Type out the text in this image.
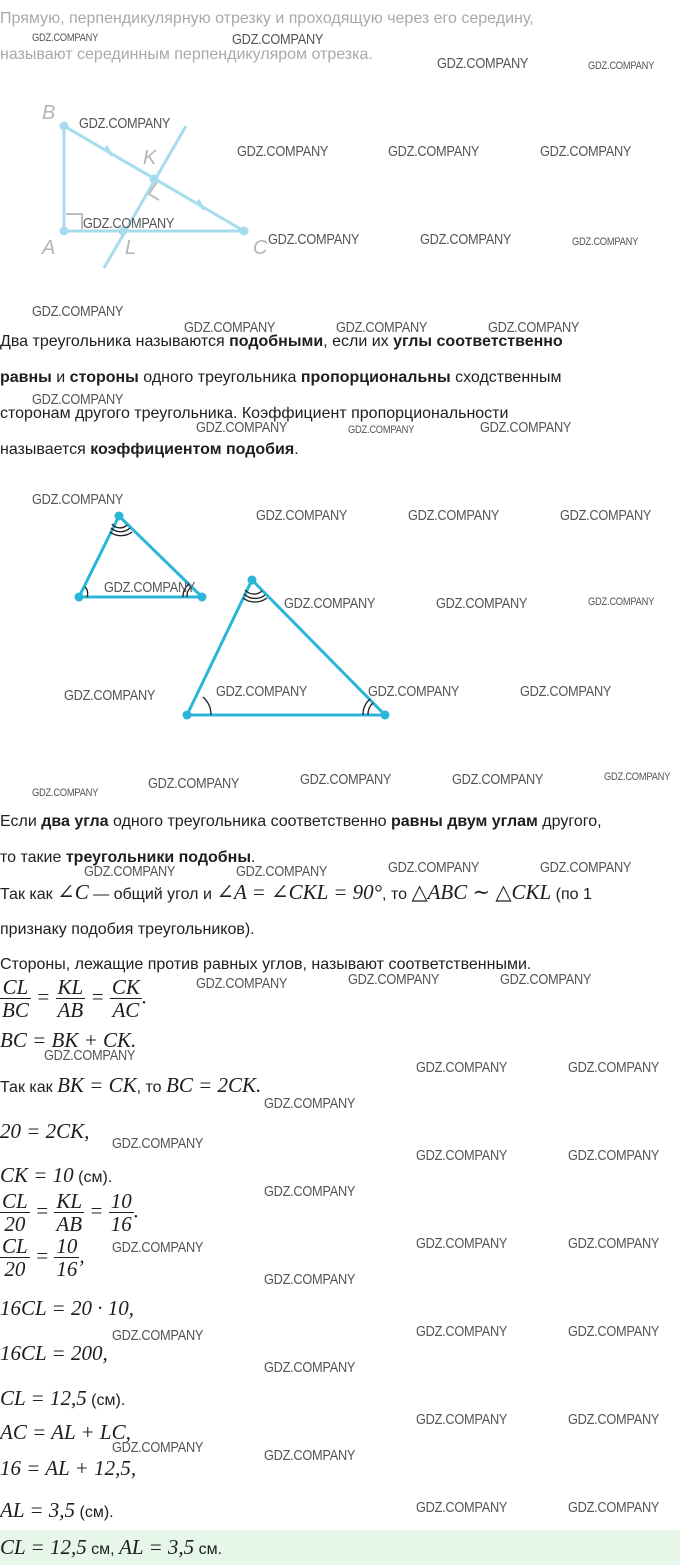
Прямую, перпендикулярную отрезку и проходящую через его середину,
называют серединным перпендикуляром отрезка.
B
K
A	L	C
Два треугольника называются подобными, если их углы соответственно
равны и стороны одного треугольника пропорциональны сходственным
сторонам другого треугольника. Коэффициент пропорциональности
называется коэффициентом подобия.
Если два угла одного треугольника соответственно равны двум углам другого,
то такие треугольники подобны.
Так как ∠C — общий угол и ∠A = ∠CKL = 90°, то △ABC ∼ △CKL (по 1
признаку подобия треугольников).
Стороны, лежащие против равных углов, называют соответственными.
$\frac{CL}{BC} = \frac{KL}{AB} = \frac{CK}{AC}$ .
BC = BK + CK.
Так как BK = CK, то BC = 2CK.
20 = 2CK,
CK = 10 (см).
$\frac{CL}{20} = \frac{KL}{AB} = \frac{10}{16}$ .
$\frac{CL}{20} = \frac{10}{16}$ ,
16CL = 20 · 10,
16CL = 200,
CL = 12,5 (см).
AC = AL + LC,
16 = AL + 12,5,
AL = 3,5 (см).
CL = 12,5 см, AL = 3,5 см.
GDZ.COMPANY	GDZ.COMPANY
GDZ.COMPANY	GDZ.COMPANY
GDZ.COMPANY
GDZ.COMPANY	GDZ.COMPANY	GDZ.COMPANY
GDZ.COMPANY
GDZ.COMPANY	GDZ.COMPANY	GDZ.COMPANY
GDZ.COMPANY
GDZ.COMPANY	GDZ.COMPANY	GDZ.COMPANY
GDZ.COMPANY
GDZ.COMPANY	GDZ.COMPANY	GDZ.COMPANY
GDZ.COMPANY
GDZ.COMPANY	GDZ.COMPANY	GDZ.COMPANY
GDZ.COMPANY
GDZ.COMPANY	GDZ.COMPANY	GDZ.COMPANY
GDZ.COMPANY	GDZ.COMPANY	GDZ.COMPANY	GDZ.COMPANY
GDZ.COMPANY
GDZ.COMPANY	GDZ.COMPANY	GDZ.COMPANY	GDZ.COMPANY
GDZ.COMPANY	GDZ.COMPANY	GDZ.COMPANY	GDZ.COMPANY
GDZ.COMPANY	GDZ.COMPANY	GDZ.COMPANY
GDZ.COMPANY
GDZ.COMPANY	GDZ.COMPANY
GDZ.COMPANY
GDZ.COMPANY
GDZ.COMPANY	GDZ.COMPANY
GDZ.COMPANY
GDZ.COMPANY	GDZ.COMPANY	GDZ.COMPANY
GDZ.COMPANY
GDZ.COMPANY	GDZ.COMPANY	GDZ.COMPANY
GDZ.COMPANY
GDZ.COMPANY	GDZ.COMPANY
GDZ.COMPANY	GDZ.COMPANY
GDZ.COMPANY	GDZ.COMPANY
